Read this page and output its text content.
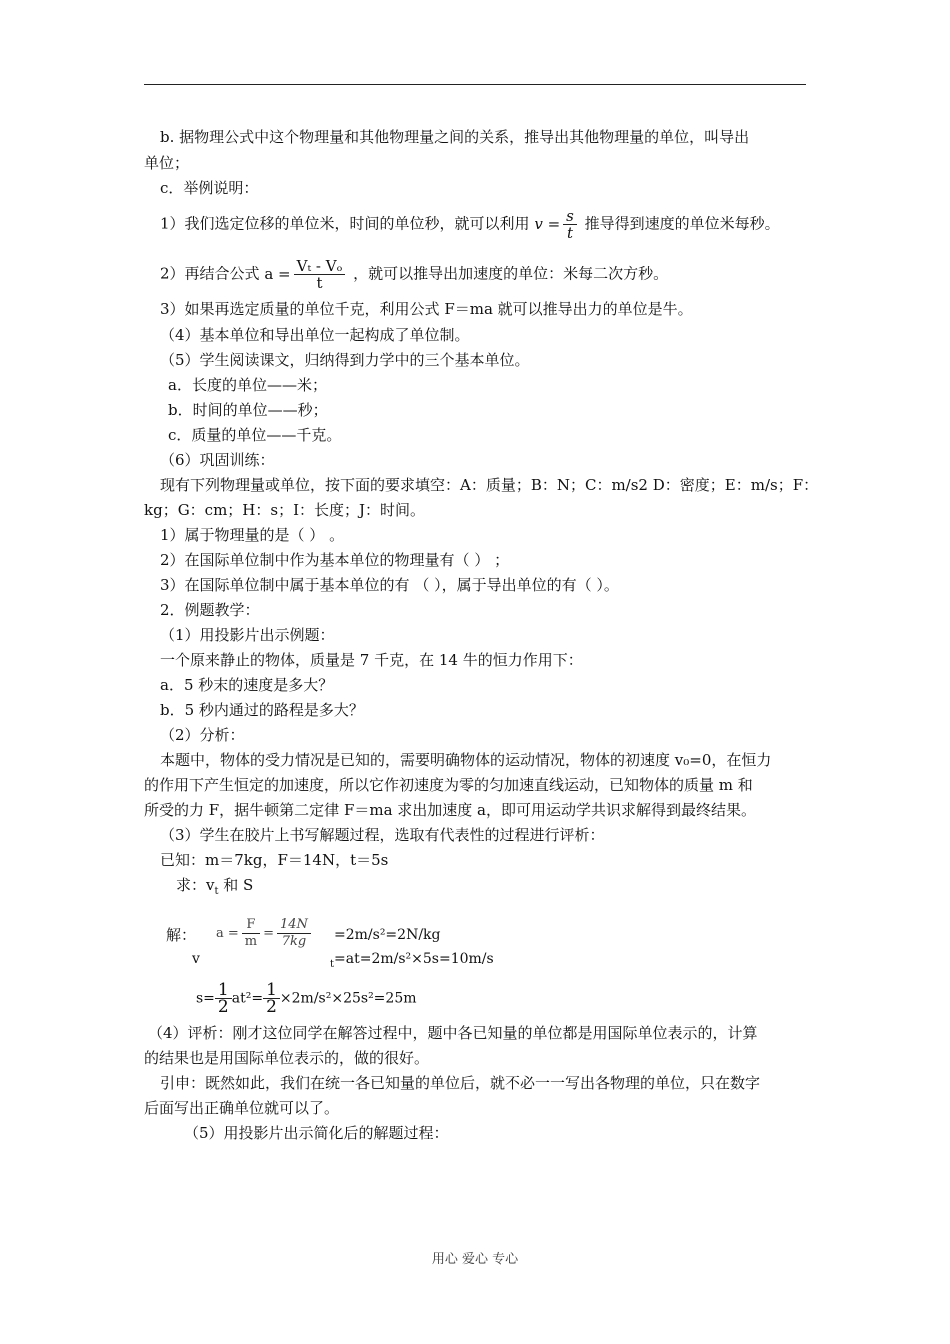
b. 据物理公式中这个物理量和其他物理量之间的关系，推导出其他物理量的单位，叫导出
单位；
c．举例说明：
1）我们选定位移的单位米，时间的单位秒，就可以利用 $v = \frac{s}{t}$ 推导得到速度的单位米每秒。
2）再结合公式 $a = \frac{\text{Vₜ - Vₒ}}{t}$ ，就可以推导出加速度的单位：米每二次方秒。
3）如果再选定质量的单位千克，利用公式 F＝ma 就可以推导出力的单位是牛。
（4）基本单位和导出单位一起构成了单位制。
（5）学生阅读课文，归纳得到力学中的三个基本单位。
a．长度的单位——米；
b．时间的单位——秒；
c．质量的单位——千克。
（6）巩固训练：
现有下列物理量或单位，按下面的要求填空：A：质量；B：N；C：m/s2 D：密度；E：m/s；F：
kg；G：cm；H：s；I：长度；J：时间。
1）属于物理量的是（ ） 。
2）在国际单位制中作为基本单位的物理量有（ ） ；
3）在国际单位制中属于基本单位的有 （ ），属于导出单位的有（ ）。
2．例题教学：
（1）用投影片出示例题：
一个原来静止的物体，质量是 7 千克，在 14 牛的恒力作用下：
a．5 秒末的速度是多大？
b．5 秒内通过的路程是多大？
（2）分析：
本题中，物体的受力情况是已知的，需要明确物体的运动情况，物体的初速度 v₀=0，在恒力
的作用下产生恒定的加速度，所以它作初速度为零的匀加速直线运动，已知物体的质量 m 和
所受的力 F，据牛顿第二定律 F＝ma 求出加速度 a，即可用运动学共识求解得到最终结果。
（3）学生在胶片上书写解题过程，选取有代表性的过程进行评析：
已知：m＝7kg，F＝14N，t＝5s
求：$v_t$ 和 S
解： $a = \frac{F}{m} = \frac{14N}{7kg} =2m/s^2=2N/kg$
v	$_t$=at=2m/s²×5s=10m/s
$s= \frac{1}{2} at^2= \frac{1}{2} \times 2m/s^2\times 25s^2=25m$
（4）评析：刚才这位同学在解答过程中，题中各已知量的单位都是用国际单位表示的，计算
的结果也是用国际单位表示的，做的很好。
引申：既然如此，我们在统一各已知量的单位后，就不必一一写出各物理的单位，只在数字
后面写出正确单位就可以了。
（5）用投影片出示简化后的解题过程：
用心 爱心 专心
